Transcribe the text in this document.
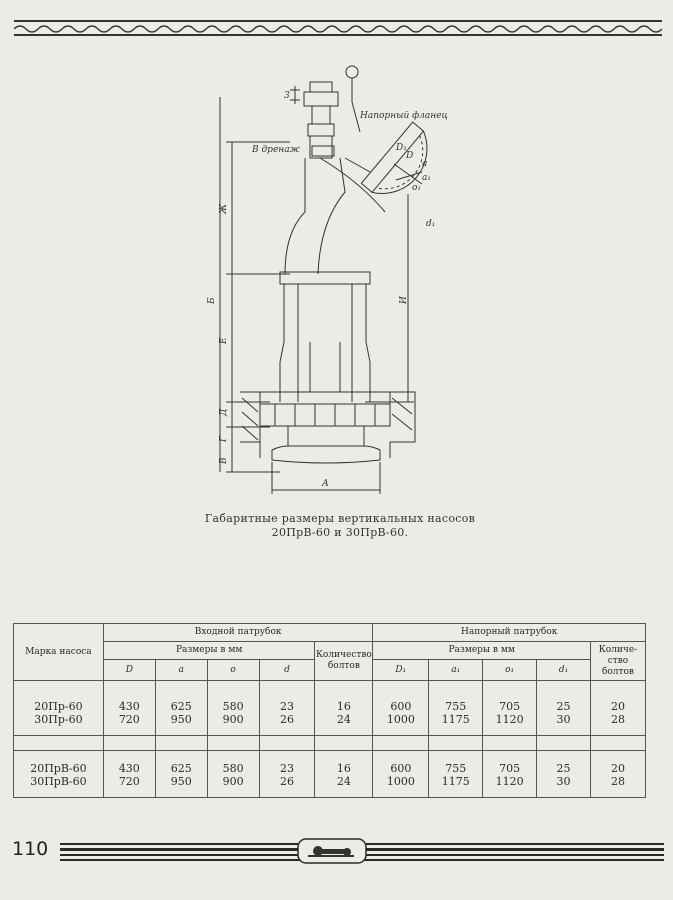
3
Ж
Б
Е
Д
Г
В
И
А
D
D₁
a
a₁
o₁
d₁
Напорный фланец
В дренаж
Габаритные размеры вертикальных насосов
20ПрВ-60 и 30ПрВ-60.
Марка насоса	Входной патрубок					Напорный патрубок				
	Размеры в мм				Количество болтов	Размеры в мм				Количе- ство болтов
	D	a	o	d		D₁	a₁	o₁	d₁	
20Пр-60	430	625	580	23	16	600	755	705	25	20
30Пр-60	720	950	900	26	24	1000	1175	1120	30	28

20ПрВ-60	430	625	580	23	16	600	755	705	25	20
30ПрВ-60	720	950	900	26	24	1000	1175	1120	30	28
110
